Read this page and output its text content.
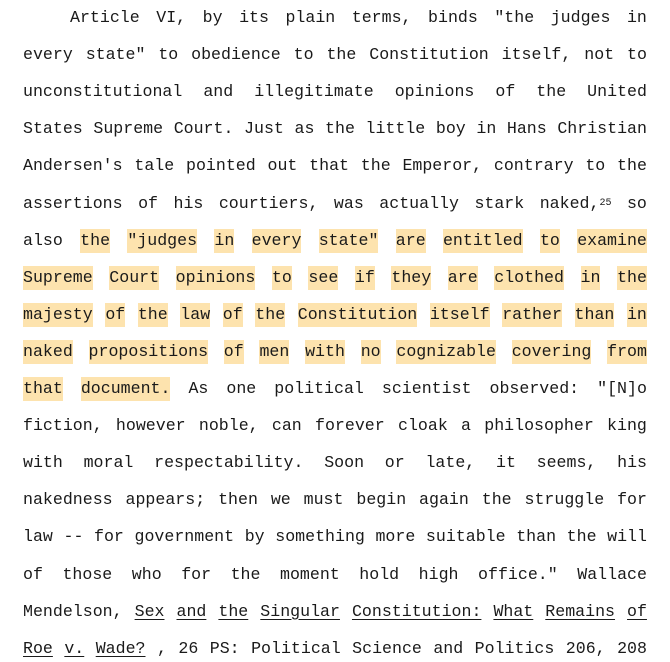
Article VI, by its plain terms, binds "the judges in
every state" to obedience to the Constitution itself, not to
unconstitutional and illegitimate opinions of the United
States Supreme Court. Just as the little boy in Hans Christian
Andersen's tale pointed out that the Emperor, contrary to the
assertions of his courtiers, was actually stark naked,$^{25}$ so
also the "judges in every state" are entitled to examine
Supreme Court opinions to see if they are clothed in the
majesty of the law of the Constitution itself rather than in
naked propositions of men with no cognizable covering from
that document. As one political scientist observed: "[N]o
fiction, however noble, can forever cloak a philosopher king
with moral respectability. Soon or late, it seems, his
nakedness appears; then we must begin again the struggle for
law -- for government by something more suitable than the will
of those who for the moment hold high office." Wallace
Mendelson, Sex and the Singular Constitution: What Remains of
Roe v. Wade? , 26 PS: Political Science and Politics 206, 208
